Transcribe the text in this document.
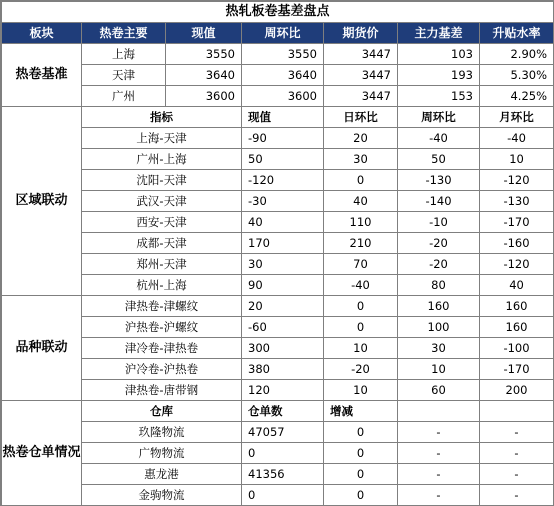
热轧板卷基差盘点						
板块	热卷主要	现值	周环比	期货价	主力基差	升贴水率
热卷基准	上海	3550	3550	3447	103	2.90%
	天津	3640	3640	3447	193	5.30%
	广州	3600	3600	3447	153	4.25%
区域联动	指标		现值	日环比	周环比	月环比
	上海-天津		-90	20	-40	-40
	广州-上海		50	30	50	10
	沈阳-天津		-120	0	-130	-120
	武汉-天津		-30	40	-140	-130
	西安-天津		40	110	-10	-170
	成都-天津		170	210	-20	-160
	郑州-天津		30	70	-20	-120
	杭州-上海		90	-40	80	40
品种联动	津热卷-津螺纹		20	0	160	160
	沪热卷-沪螺纹		-60	0	100	160
	津冷卷-津热卷		300	10	30	-100
	沪冷卷-沪热卷		380	-20	10	-170
	津热卷-唐带钢		120	10	60	200
热卷仓单情况	仓库		仓单数	增减		
	玖隆物流		47057	0	-	-
	广物物流		0	0	-	-
	惠龙港		41356	0	-	-
	金驹物流		0	0	-	-
